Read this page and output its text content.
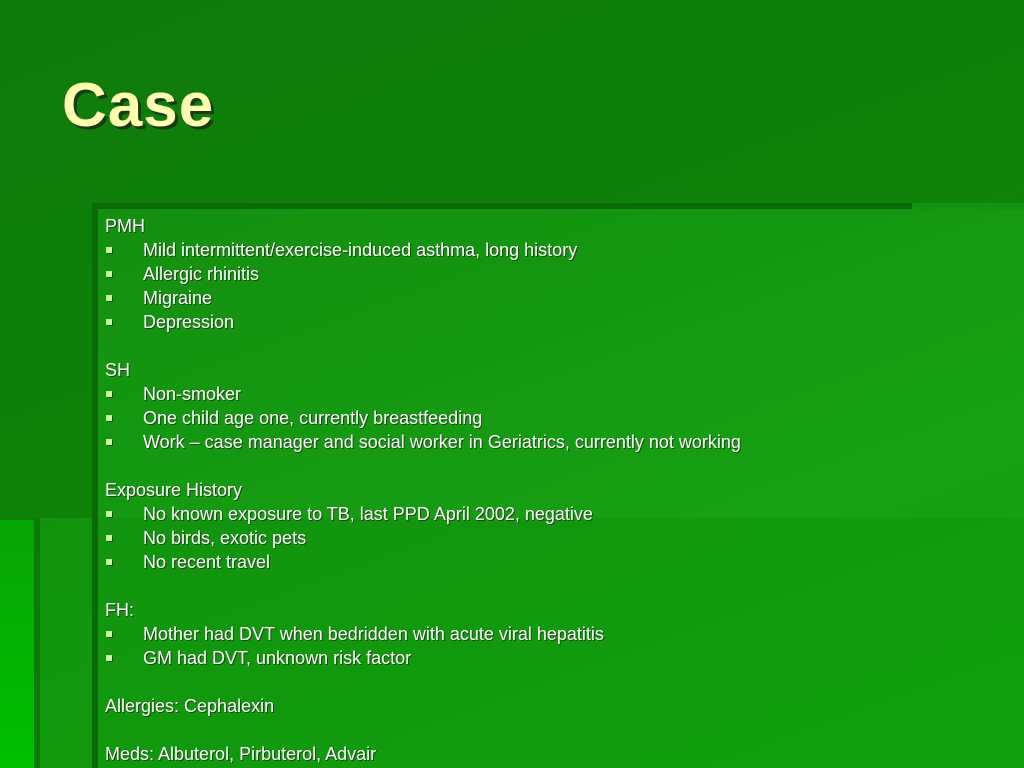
Case

PMH

Mild intermittent/exercise-induced asthma, long history
Allergic rhinitis
Migraine
Depression

SH

Non-smoker
One child age one, currently breastfeeding
Work – case manager and social worker in Geriatrics, currently not working

Exposure History

No known exposure to TB, last PPD April 2002, negative
No birds, exotic pets
No recent travel

FH:

Mother had DVT when bedridden with acute viral hepatitis
GM had DVT, unknown risk factor

Allergies: Cephalexin

Meds: Albuterol, Pirbuterol, Advair
